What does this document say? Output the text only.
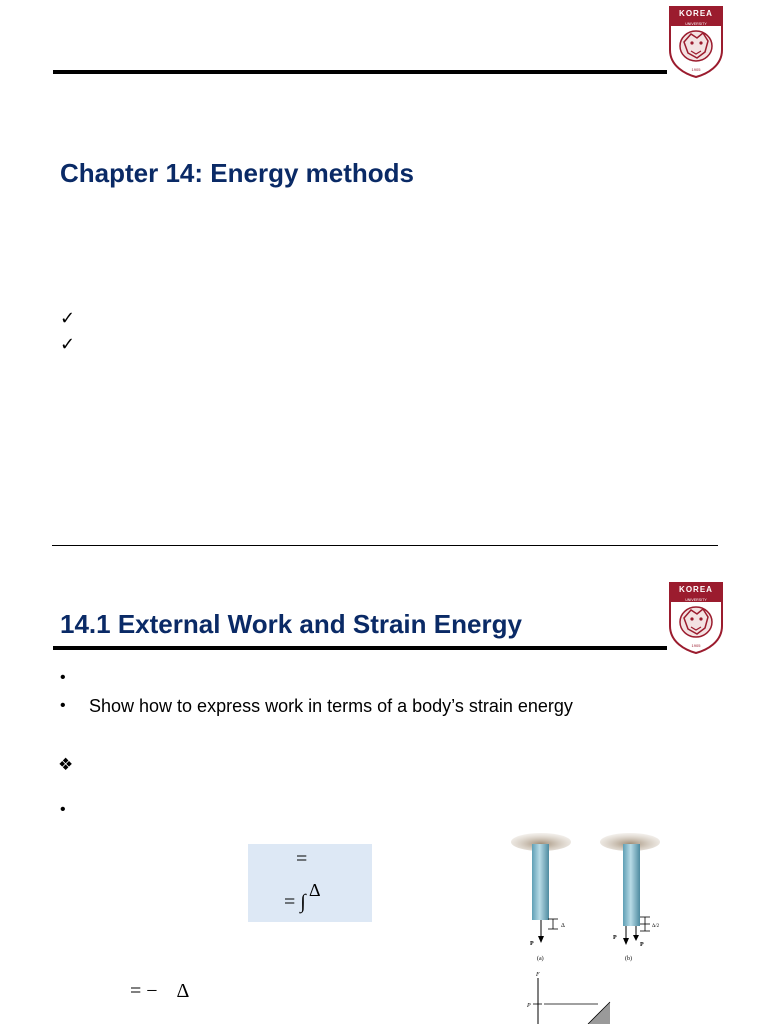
KOREA
UNIVERSITY
1905
Chapter 14: Energy methods
✓
✓
KOREA
UNIVERSITY
1905
14.1 External Work and Strain Energy
•
• Show how to express work in terms of a body’s strain energy
❖
•
=
= ∫
Δ
= −    Δ
Δ
P
(a)
Δ/2
P
P
(b)
F
P
